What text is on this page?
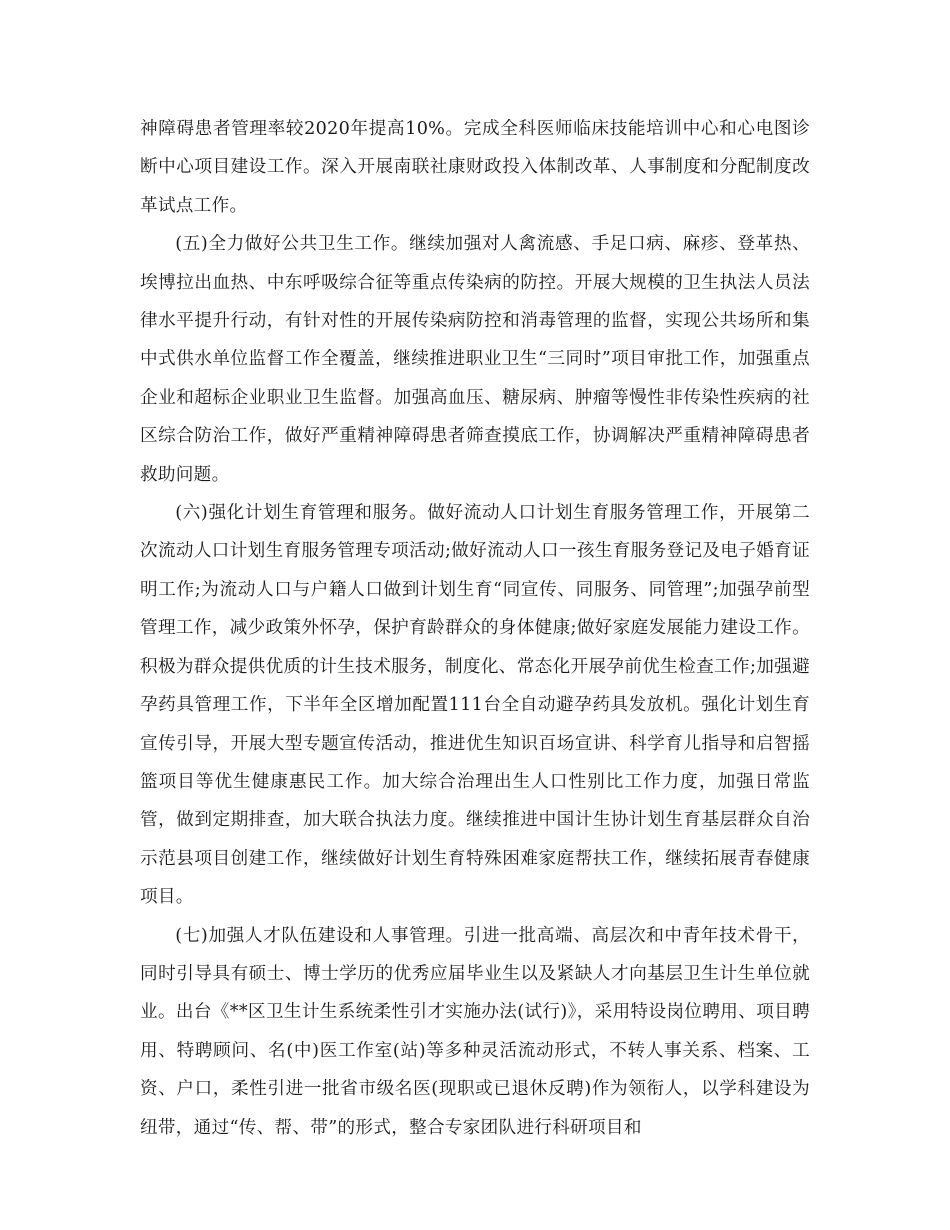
神障碍患者管理率较2020年提高10%。完成全科医师临床技能培训中心和心电图诊断中心项目建设工作。深入开展南联社康财政投入体制改革、人事制度和分配制度改革试点工作。

(五)全力做好公共卫生工作。继续加强对人禽流感、手足口病、麻疹、登革热、埃博拉出血热、中东呼吸综合征等重点传染病的防控。开展大规模的卫生执法人员法律水平提升行动，有针对性的开展传染病防控和消毒管理的监督，实现公共场所和集中式供水单位监督工作全覆盖，继续推进职业卫生“三同时”项目审批工作，加强重点企业和超标企业职业卫生监督。加强高血压、糖尿病、肿瘤等慢性非传染性疾病的社区综合防治工作，做好严重精神障碍患者筛查摸底工作，协调解决严重精神障碍患者救助问题。

(六)强化计划生育管理和服务。做好流动人口计划生育服务管理工作，开展第二次流动人口计划生育服务管理专项活动;做好流动人口一孩生育服务登记及电子婚育证明工作;为流动人口与户籍人口做到计划生育“同宣传、同服务、同管理”;加强孕前型管理工作，减少政策外怀孕，保护育龄群众的身体健康;做好家庭发展能力建设工作。积极为群众提供优质的计生技术服务，制度化、常态化开展孕前优生检查工作;加强避孕药具管理工作，下半年全区增加配置111台全自动避孕药具发放机。强化计划生育宣传引导，开展大型专题宣传活动，推进优生知识百场宣讲、科学育儿指导和启智摇篮项目等优生健康惠民工作。加大综合治理出生人口性别比工作力度，加强日常监管，做到定期排查，加大联合执法力度。继续推进中国计生协计划生育基层群众自治示范县项目创建工作，继续做好计划生育特殊困难家庭帮扶工作，继续拓展青春健康项目。

(七)加强人才队伍建设和人事管理。引进一批高端、高层次和中青年技术骨干，同时引导具有硕士、博士学历的优秀应届毕业生以及紧缺人才向基层卫生计生单位就业。出台《**区卫生计生系统柔性引才实施办法(试行)》，采用特设岗位聘用、项目聘用、特聘顾问、名(中)医工作室(站)等多种灵活流动形式，不转人事关系、档案、工资、户口，柔性引进一批省市级名医(现职或已退休反聘)作为领衔人，以学科建设为纽带，通过“传、帮、带”的形式，整合专家团队进行科研项目和
